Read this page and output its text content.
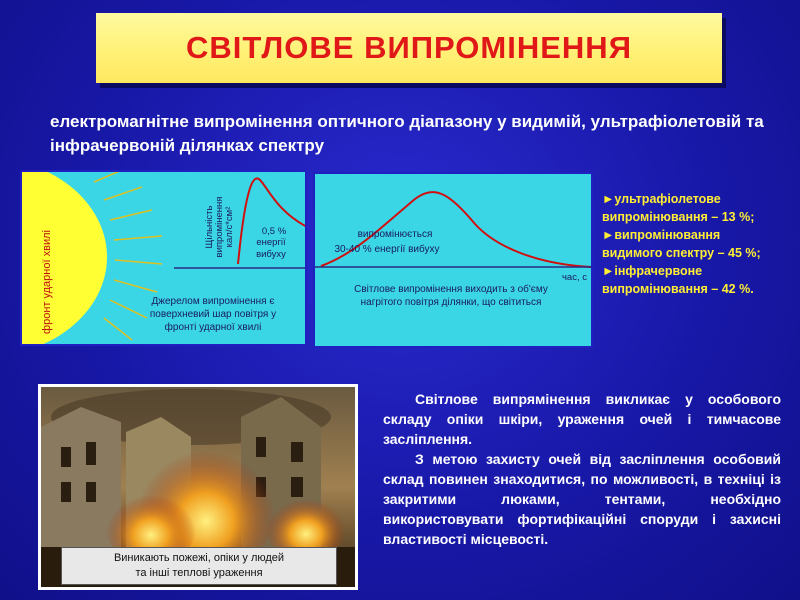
СВІТЛОВЕ ВИПРОМІНЕННЯ
електромагнітне випромінення оптичного діапазону у видимій, ультрафіолетовій та інфрачервоній ділянках спектру
фронт ударної хвилі
Щільність випромінення кал/с*см²	0,5 %
енергії
вибуху
Джерелом випромінення є
поверхневий шар повітря у
фронті ударної хвилі
випромінюється
30-40 % енергії вибуху
час, с
Світлове випромінення виходить з об'єму
нагрітого повітря ділянки, що світиться
►ультрафіолетове
випромінювання – 13 %;
►випромінювання
видимого спектру – 45 %;
►інфрачервоне
випромінювання – 42 %.
Виникають пожежі, опіки у людей
та інші теплові ураження

Світлове випрямінення викликає у особового складу опіки шкіри, ураження очей і тимчасове засліплення.

З метою захисту очей від засліплення особовий склад повинен знаходитися, по можливості, в техніці із закритими люками, тентами, необхідно використовувати фортифікаційні споруди і захисні властивості місцевості.
